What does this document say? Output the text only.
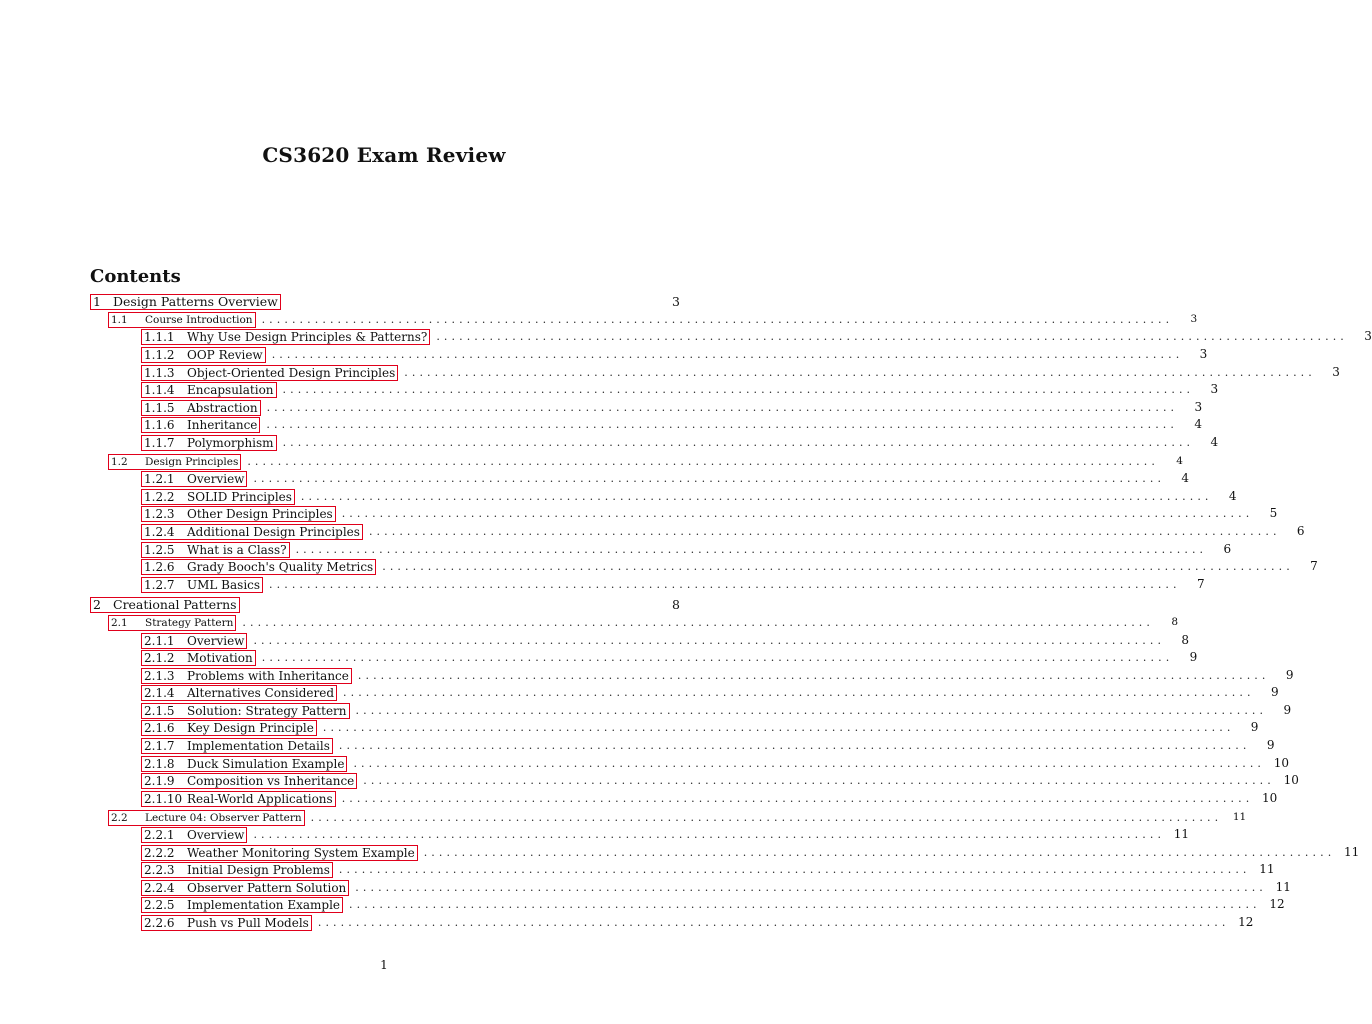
CS3620 Exam Review
Contents
1 Design Patterns Overview	3
1.1	Course Introduction ........................................................................................................................	3
1.1.1	Why Use Design Principles & Patterns? ........................................................................................................................	3
1.1.2	OOP Review ........................................................................................................................	3
1.1.3	Object-Oriented Design Principles ........................................................................................................................	3
1.1.4	Encapsulation ........................................................................................................................	3
1.1.5	Abstraction ........................................................................................................................	3
1.1.6	Inheritance ........................................................................................................................	4
1.1.7	Polymorphism ........................................................................................................................	4
1.2	Design Principles ........................................................................................................................	4
1.2.1	Overview ........................................................................................................................	4
1.2.2	SOLID Principles ........................................................................................................................	4
1.2.3	Other Design Principles ........................................................................................................................	5
1.2.4	Additional Design Principles ........................................................................................................................	6
1.2.5	What is a Class? ........................................................................................................................	6
1.2.6	Grady Booch's Quality Metrics ........................................................................................................................	7
1.2.7	UML Basics ........................................................................................................................	7
2 Creational Patterns	8
2.1	Strategy Pattern ........................................................................................................................	8
2.1.1	Overview ........................................................................................................................	8
2.1.2	Motivation ........................................................................................................................	9
2.1.3	Problems with Inheritance ........................................................................................................................	9
2.1.4	Alternatives Considered ........................................................................................................................	9
2.1.5	Solution: Strategy Pattern ........................................................................................................................	9
2.1.6	Key Design Principle ........................................................................................................................	9
2.1.7	Implementation Details ........................................................................................................................	9
2.1.8	Duck Simulation Example ........................................................................................................................ 10
2.1.9	Composition vs Inheritance ........................................................................................................................ 10
2.1.10 Real-World Applications ........................................................................................................................ 10
2.2	Lecture 04: Observer Pattern ........................................................................................................................	11
2.2.1	Overview ........................................................................................................................ 11
2.2.2	Weather Monitoring System Example ........................................................................................................................ 11
2.2.3	Initial Design Problems ........................................................................................................................ 11
2.2.4	Observer Pattern Solution ........................................................................................................................ 11
2.2.5	Implementation Example ........................................................................................................................ 12
2.2.6	Push vs Pull Models ........................................................................................................................ 12
1
